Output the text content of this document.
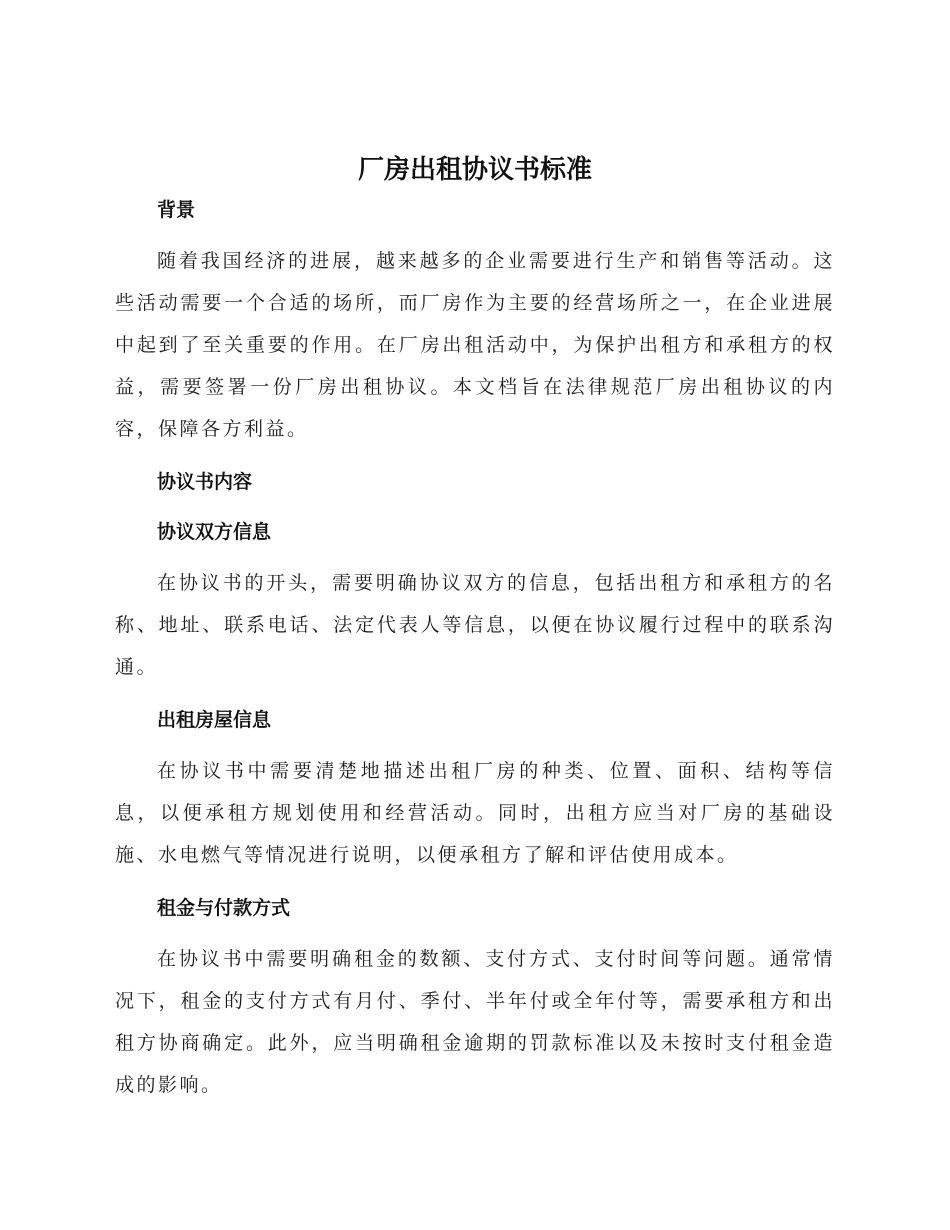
厂房出租协议书标准
背景

随着我国经济的进展，越来越多的企业需要进行生产和销售等活动。这些活动需要一个合适的场所，而厂房作为主要的经营场所之一，在企业进展中起到了至关重要的作用。在厂房出租活动中，为保护出租方和承租方的权益，需要签署一份厂房出租协议。本文档旨在法律规范厂房出租协议的内容，保障各方利益。

协议书内容
协议双方信息

在协议书的开头，需要明确协议双方的信息，包括出租方和承租方的名称、地址、联系电话、法定代表人等信息，以便在协议履行过程中的联系沟通。

出租房屋信息

在协议书中需要清楚地描述出租厂房的种类、位置、面积、结构等信息，以便承租方规划使用和经营活动。同时，出租方应当对厂房的基础设施、水电燃气等情况进行说明，以便承租方了解和评估使用成本。

租金与付款方式

在协议书中需要明确租金的数额、支付方式、支付时间等问题。通常情况下，租金的支付方式有月付、季付、半年付或全年付等，需要承租方和出租方协商确定。此外，应当明确租金逾期的罚款标准以及未按时支付租金造成的影响。
